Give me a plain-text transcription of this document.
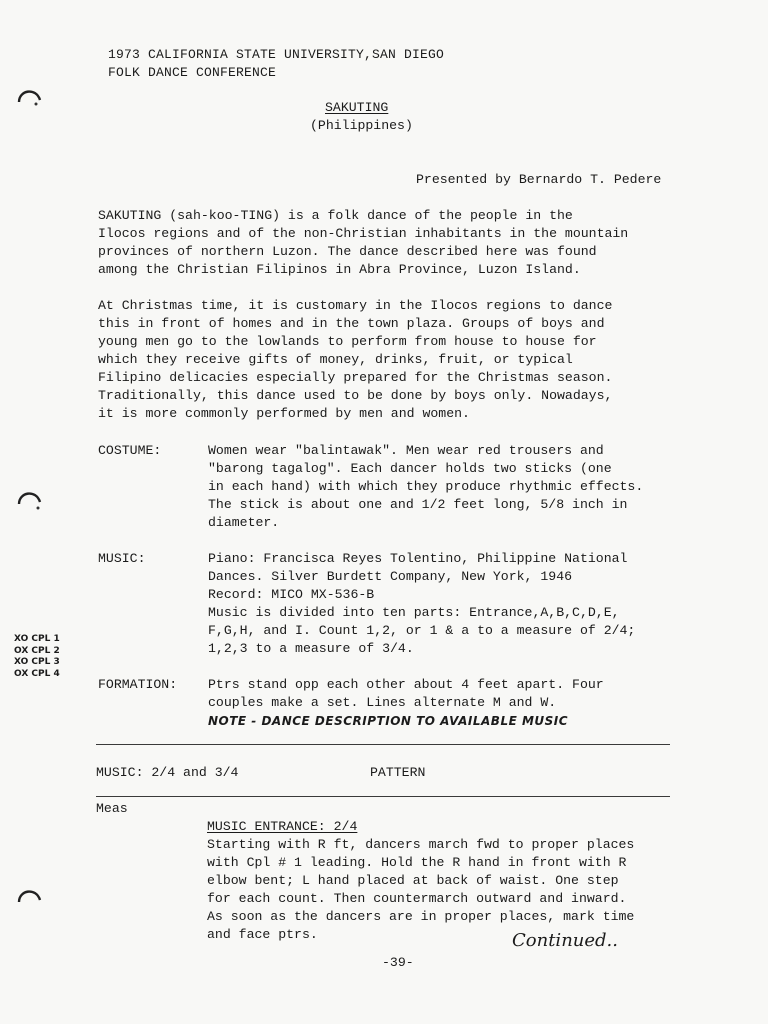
1973 CALIFORNIA STATE UNIVERSITY,SAN DIEGO
FOLK DANCE CONFERENCE
SAKUTING
(Philippines)
Presented by Bernardo T. Pedere
SAKUTING (sah-koo-TING) is a folk dance of the people in the
Ilocos regions and of the non-Christian inhabitants in the mountain
provinces of northern Luzon. The dance described here was found
among the Christian Filipinos in Abra Province, Luzon Island.
At Christmas time, it is customary in the Ilocos regions to dance
this in front of homes and in the town plaza. Groups of boys and
young men go to the lowlands to perform from house to house for
which they receive gifts of money, drinks, fruit, or typical
Filipino delicacies especially prepared for the Christmas season.
Traditionally, this dance used to be done by boys only. Nowadays,
it is more commonly performed by men and women.
COSTUME:	Women wear "balintawak". Men wear red trousers and
"barong tagalog". Each dancer holds two sticks (one
in each hand) with which they produce rhythmic effects.
The stick is about one and 1/2 feet long, 5/8 inch in
diameter.
MUSIC:	Piano: Francisca Reyes Tolentino, Philippine National
Dances. Silver Burdett Company, New York, 1946
Record: MICO MX-536-B
Music is divided into ten parts: Entrance,A,B,C,D,E,
F,G,H, and I. Count 1,2, or 1 & a to a measure of 2/4;
1,2,3 to a measure of 3/4.
XO CPL 1
OX CPL 2
XO CPL 3
OX CPL 4
FORMATION: Ptrs stand opp each other about 4 feet apart. Four
couples make a set. Lines alternate M and W.
NOTE - DANCE DESCRIPTION TO AVAILABLE MUSIC
MUSIC: 2/4 and 3/4	PATTERN
Meas
MUSIC ENTRANCE: 2/4
Starting with R ft, dancers march fwd to proper places
with Cpl # 1 leading. Hold the R hand in front with R
elbow bent; L hand placed at back of waist. One step
for each count. Then countermarch outward and inward.
As soon as the dancers are in proper places, mark time
and face ptrs.	Continued..
-39-
